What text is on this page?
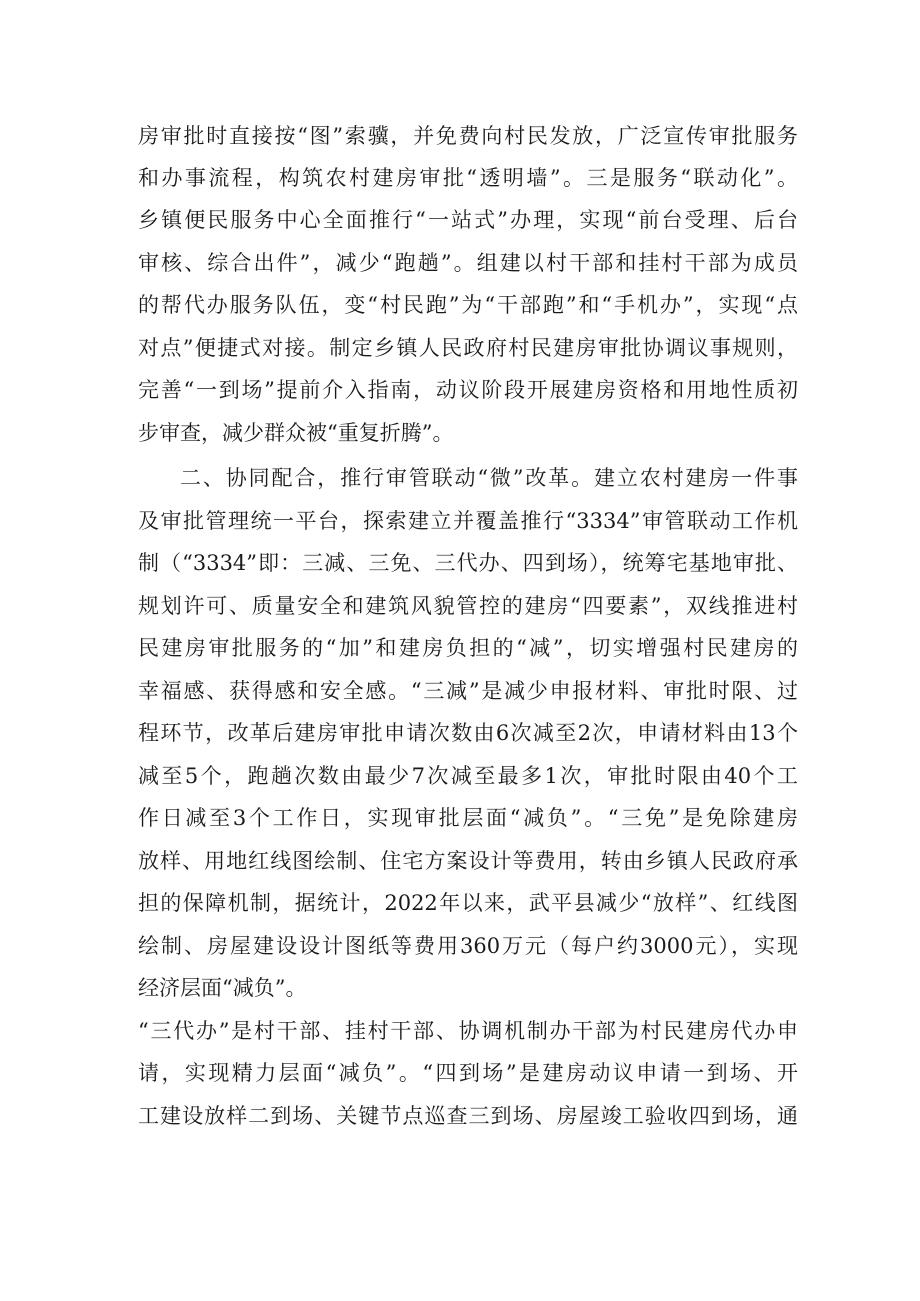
房审批时直接按“图”索骥，并免费向村民发放，广泛宣传审批服务

和办事流程，构筑农村建房审批“透明墙”。三是服务“联动化”。

乡镇便民服务中心全面推行“一站式”办理，实现“前台受理、后台

审核、综合出件”，减少“跑趟”。组建以村干部和挂村干部为成员

的帮代办服务队伍，变“村民跑”为“干部跑”和“手机办”，实现“点

对点”便捷式对接。制定乡镇人民政府村民建房审批协调议事规则，

完善“一到场”提前介入指南，动议阶段开展建房资格和用地性质初

步审查，减少群众被“重复折腾”。

二、协同配合，推行审管联动“微”改革。建立农村建房一件事

及审批管理统一平台，探索建立并覆盖推行“3334”审管联动工作机

制（“3334”即：三减、三免、三代办、四到场），统筹宅基地审批、

规划许可、质量安全和建筑风貌管控的建房“四要素”，双线推进村

民建房审批服务的“加”和建房负担的“减”，切实增强村民建房的

幸福感、获得感和安全感。“三减”是减少申报材料、审批时限、过

程环节，改革后建房审批申请次数由6次减至2次，申请材料由13个

减至5个，跑趟次数由最少7次减至最多1次，审批时限由40个工

作日减至3个工作日，实现审批层面“减负”。“三免”是免除建房

放样、用地红线图绘制、住宅方案设计等费用，转由乡镇人民政府承

担的保障机制，据统计，2022年以来，武平县减少“放样”、红线图

绘制、房屋建设设计图纸等费用360万元（每户约3000元），实现

经济层面“减负”。

“三代办”是村干部、挂村干部、协调机制办干部为村民建房代办申

请，实现精力层面“减负”。“四到场”是建房动议申请一到场、开

工建设放样二到场、关键节点巡查三到场、房屋竣工验收四到场，通
